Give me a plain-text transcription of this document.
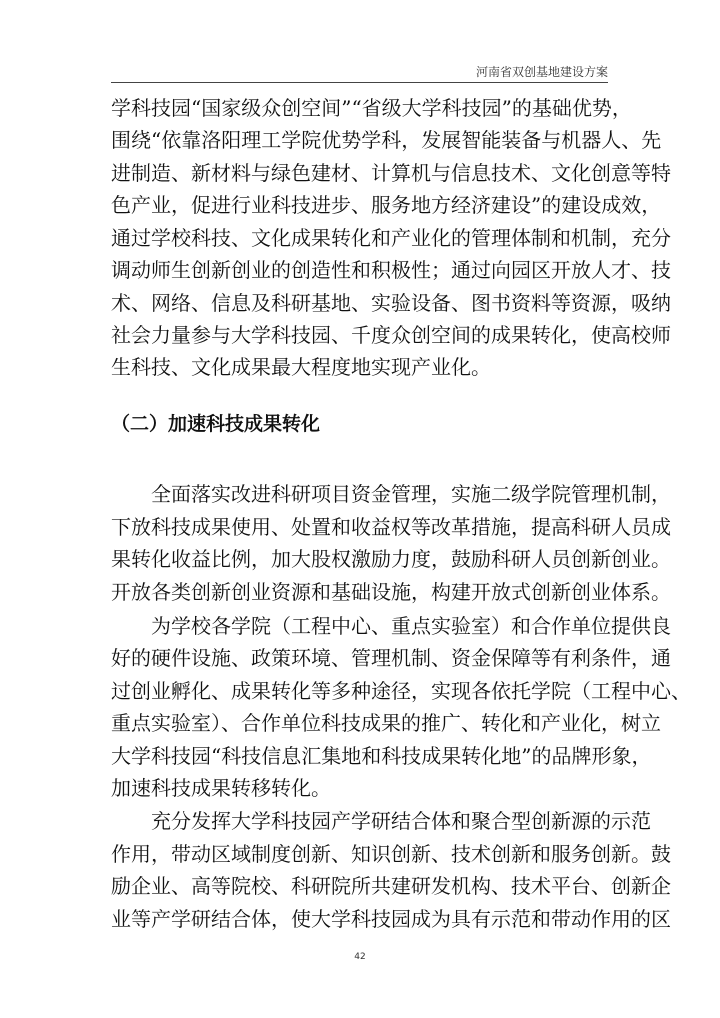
河南省双创基地建设方案
学科技园“国家级众创空间”“省级大学科技园”的基础优势，
围绕“依靠洛阳理工学院优势学科，发展智能装备与机器人、先
进制造、新材料与绿色建材、计算机与信息技术、文化创意等特
色产业，促进行业科技进步、服务地方经济建设”的建设成效，
通过学校科技、文化成果转化和产业化的管理体制和机制，充分
调动师生创新创业的创造性和积极性；通过向园区开放人才、技
术、网络、信息及科研基地、实验设备、图书资料等资源，吸纳
社会力量参与大学科技园、千度众创空间的成果转化，使高校师
生科技、文化成果最大程度地实现产业化。
（二）加速科技成果转化
全面落实改进科研项目资金管理，实施二级学院管理机制，
下放科技成果使用、处置和收益权等改革措施，提高科研人员成
果转化收益比例，加大股权激励力度，鼓励科研人员创新创业。
开放各类创新创业资源和基础设施，构建开放式创新创业体系。
为学校各学院（工程中心、重点实验室）和合作单位提供良
好的硬件设施、政策环境、管理机制、资金保障等有利条件，通
过创业孵化、成果转化等多种途径，实现各依托学院（工程中心、
重点实验室）、合作单位科技成果的推广、转化和产业化，树立
大学科技园“科技信息汇集地和科技成果转化地”的品牌形象，
加速科技成果转移转化。
充分发挥大学科技园产学研结合体和聚合型创新源的示范
作用，带动区域制度创新、知识创新、技术创新和服务创新。鼓
励企业、高等院校、科研院所共建研发机构、技术平台、创新企
业等产学研结合体，使大学科技园成为具有示范和带动作用的区
42
